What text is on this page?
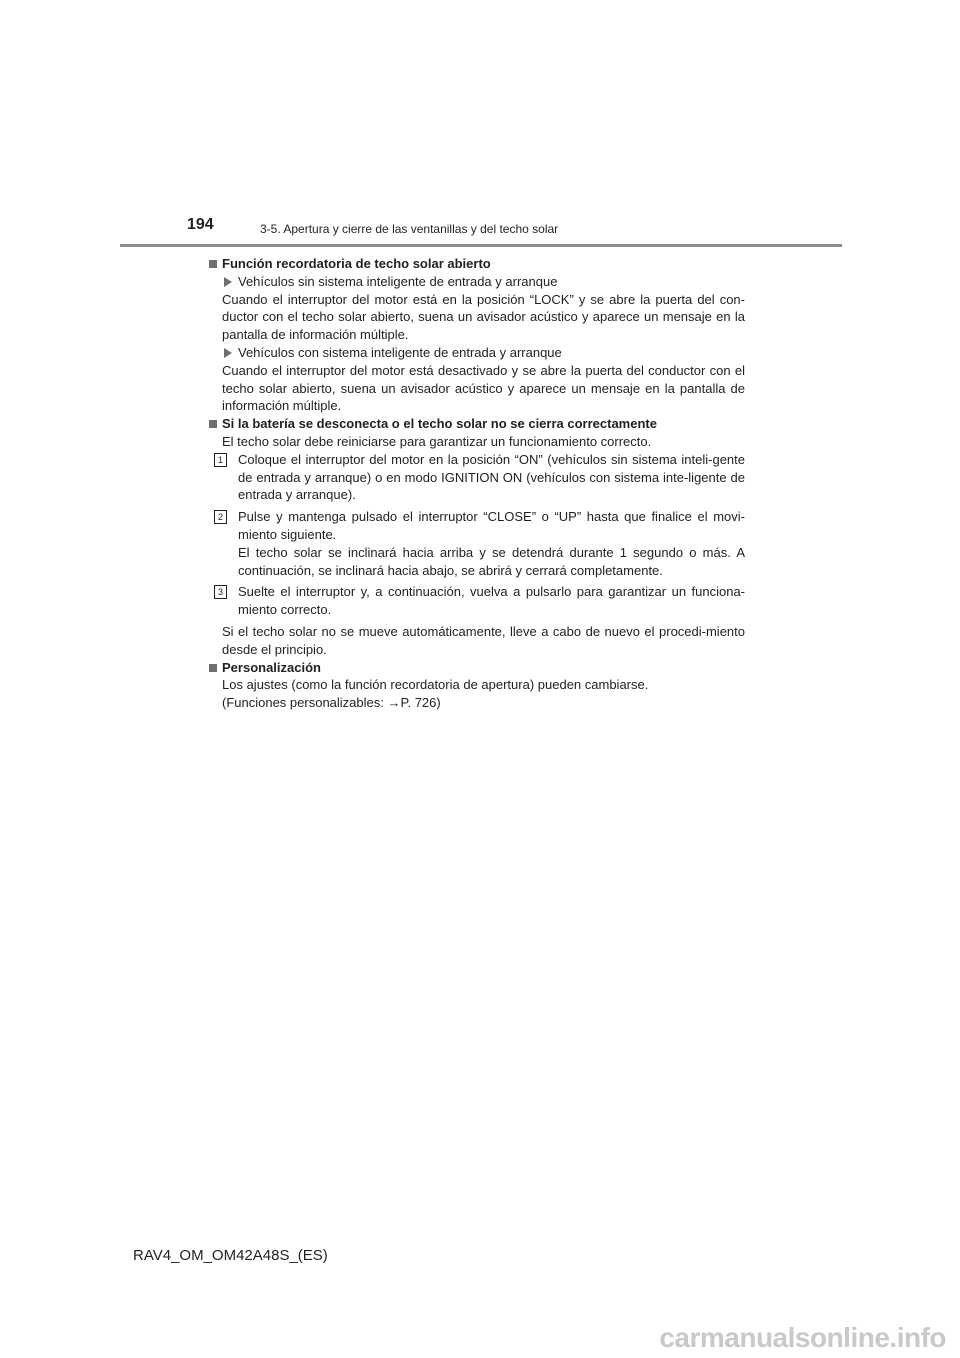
194	3-5. Apertura y cierre de las ventanillas y del techo solar

Función recordatoria de techo solar abierto

Vehículos sin sistema inteligente de entrada y arranque

Cuando el interruptor del motor está en la posición “LOCK” y se abre la puerta del con-ductor con el techo solar abierto, suena un avisador acústico y aparece un mensaje en la pantalla de información múltiple.

Vehículos con sistema inteligente de entrada y arranque

Cuando el interruptor del motor está desactivado y se abre la puerta del conductor con el techo solar abierto, suena un avisador acústico y aparece un mensaje en la pantalla de información múltiple.

Si la batería se desconecta o el techo solar no se cierra correctamente

El techo solar debe reiniciarse para garantizar un funcionamiento correcto.

1	Coloque el interruptor del motor en la posición “ON” (vehículos sin sistema inteli-gente de entrada y arranque) o en modo IGNITION ON (vehículos con sistema inte-ligente de entrada y arranque).
2	Pulse y mantenga pulsado el interruptor “CLOSE” o “UP” hasta que finalice el movi-miento siguiente.
El techo solar se inclinará hacia arriba y se detendrá durante 1 segundo o más. A continuación, se inclinará hacia abajo, se abrirá y cerrará completamente.
3	Suelte el interruptor y, a continuación, vuelva a pulsarlo para garantizar un funciona-miento correcto.

Si el techo solar no se mueve automáticamente, lleve a cabo de nuevo el procedi-miento desde el principio.

Personalización

Los ajustes (como la función recordatoria de apertura) pueden cambiarse.

(Funciones personalizables: →P. 726)

RAV4_OM_OM42A48S_(ES)
carmanualsonline.info
